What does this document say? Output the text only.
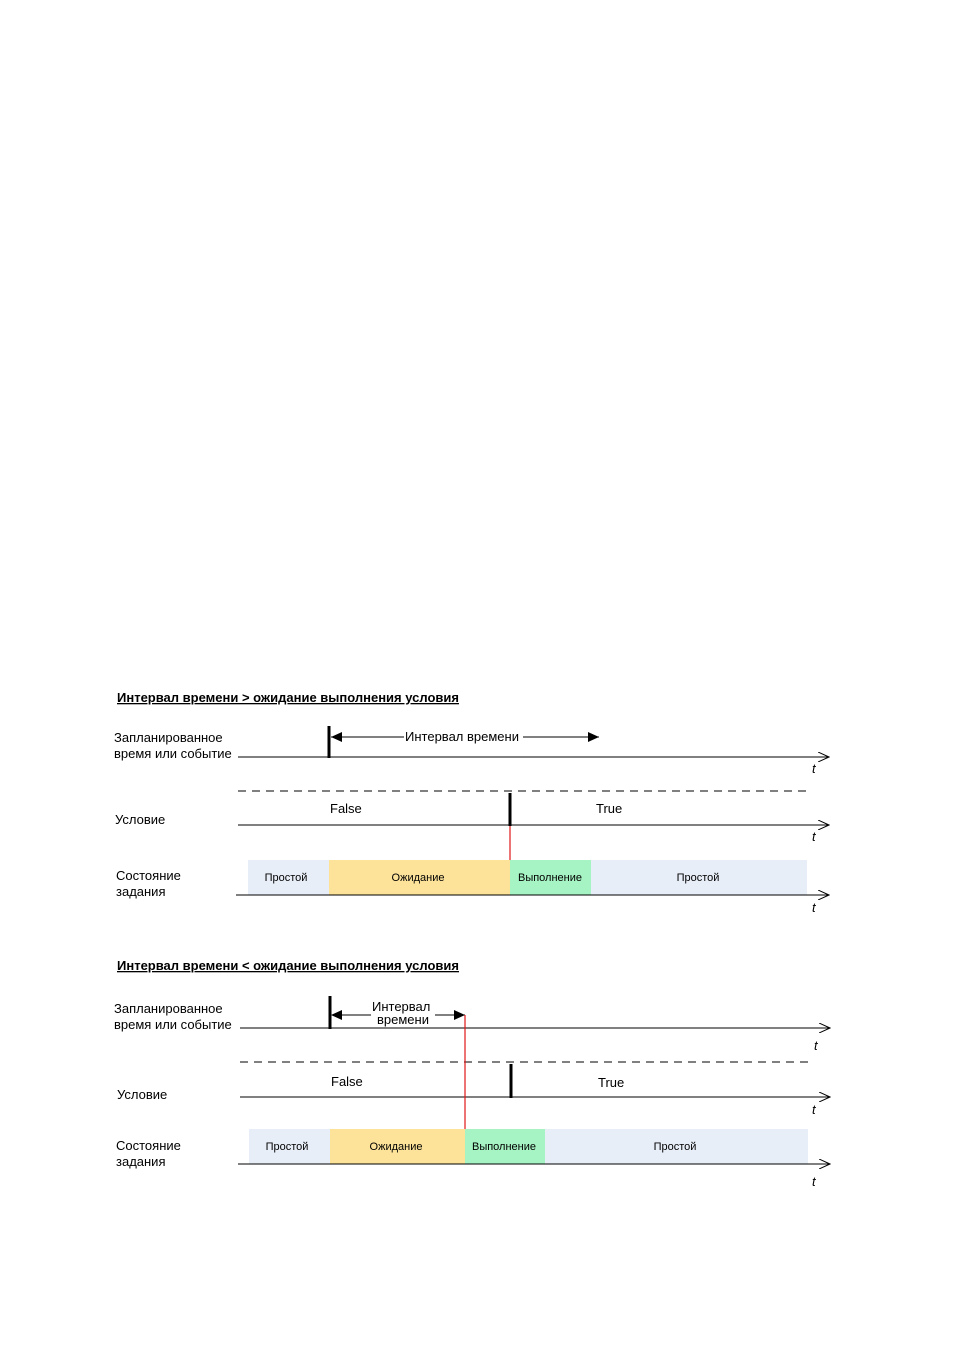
Интервал времени > ожидание выполнения условия
Запланированное время или событие
t
Интервал времени
False	True
Условие
t
Состояние задания
Простой	Ожидание	Выполнение	Простой
t
Интервал времени < ожидание выполнения условия
Запланированное время или событие
t
Интервал времени
False	True
Условие
t
Состояние задания
Простой	Ожидание	Выполнение	Простой
t
